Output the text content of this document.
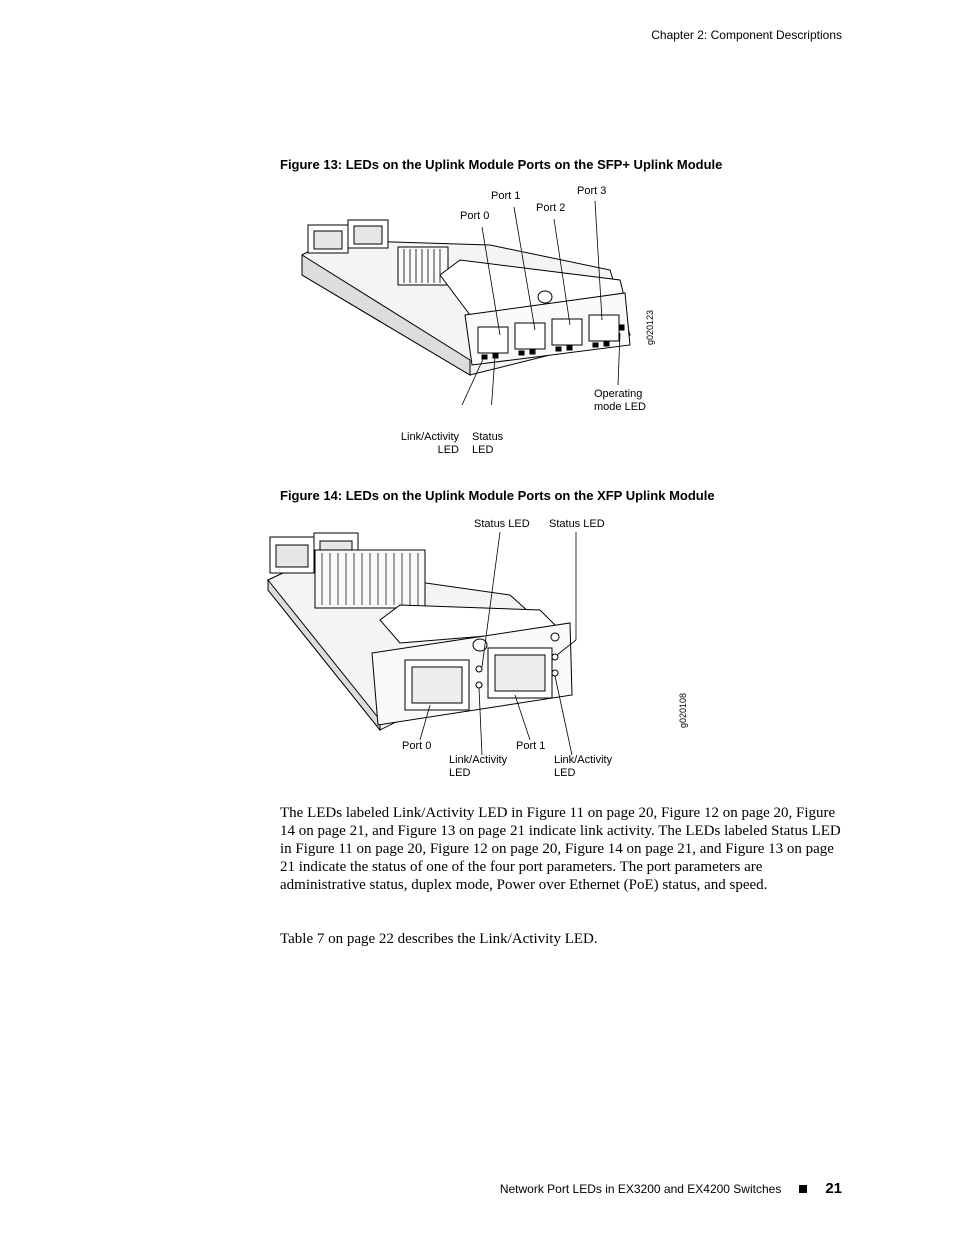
Chapter 2: Component Descriptions
Figure 13: LEDs on the Uplink Module Ports on the SFP+ Uplink Module
Port 0
Port 1
Port 2
Port 3
Operating
mode LED
Link/Activity
LED
Status
LED
g020123
Figure 14: LEDs on the Uplink Module Ports on the XFP Uplink Module
Status LED Status LED
Port 0	Port 1
Link/Activity
LED
Link/Activity
LED
g020108
The LEDs labeled Link/Activity LED in Figure 11 on page 20, Figure 12 on page 20, Figure 14 on page 21, and Figure 13 on page 21 indicate link activity. The LEDs labeled Status LED in Figure 11 on page 20, Figure 12 on page 20, Figure 14 on page 21, and Figure 13 on page 21 indicate the status of one of the four port parameters. The port parameters are administrative status, duplex mode, Power over Ethernet (PoE) status, and speed.
Table 7 on page 22 describes the Link/Activity LED.
Network Port LEDs in EX3200 and EX4200 Switches	21
